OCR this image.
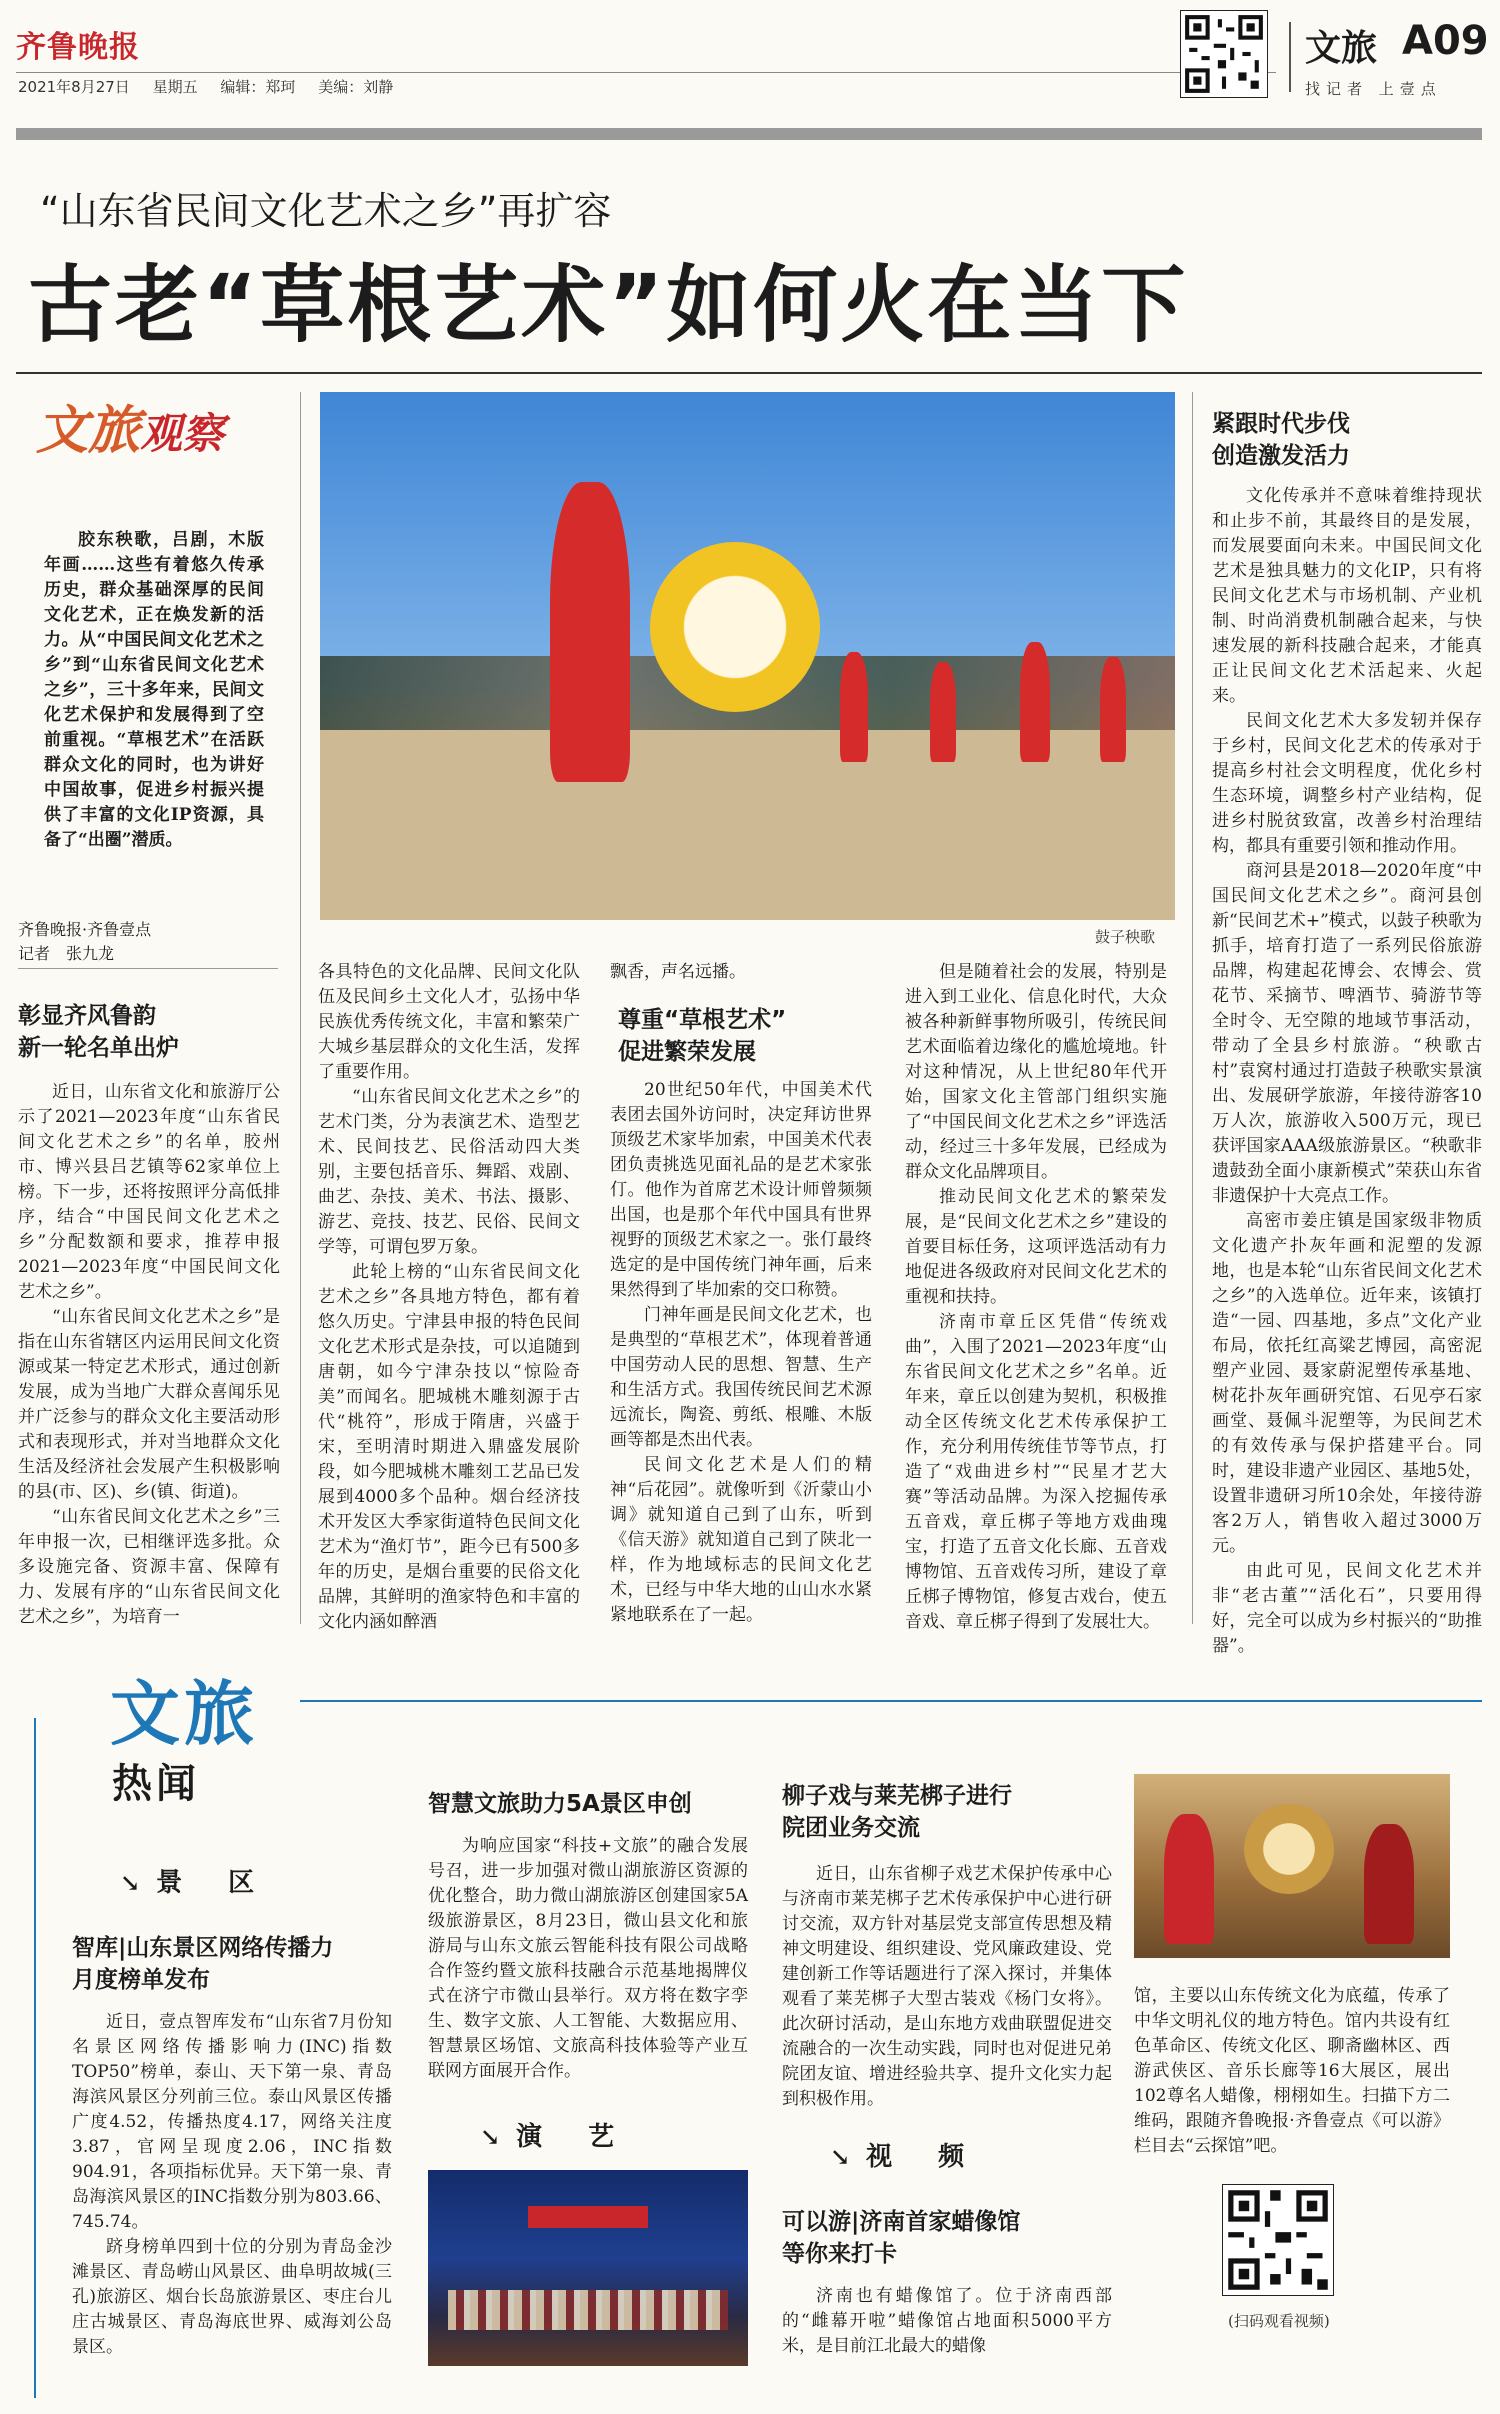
齐鲁晚报
2021年8月27日 星期五 编辑：郑珂 美编：刘静
文旅 A09
找记者 上壹点
“山东省民间文化艺术之乡”再扩容
古老“草根艺术”如何火在当下
文旅观察

胶东秧歌，吕剧，木版年画……这些有着悠久传承历史，群众基础深厚的民间文化艺术，正在焕发新的活力。从“中国民间文化艺术之乡”到“山东省民间文化艺术之乡”，三十多年来，民间文化艺术保护和发展得到了空前重视。“草根艺术”在活跃群众文化的同时，也为讲好中国故事，促进乡村振兴提供了丰富的文化IP资源，具备了“出圈”潜质。

齐鲁晚报·齐鲁壹点
记者　张九龙
鼓子秧歌
彰显齐风鲁韵
新一轮名单出炉

近日，山东省文化和旅游厅公示了2021—2023年度“山东省民间文化艺术之乡”的名单，胶州市、博兴县吕艺镇等62家单位上榜。下一步，还将按照评分高低排序，结合“中国民间文化艺术之乡”分配数额和要求，推荐申报2021—2023年度“中国民间文化艺术之乡”。

“山东省民间文化艺术之乡”是指在山东省辖区内运用民间文化资源或某一特定艺术形式，通过创新发展，成为当地广大群众喜闻乐见并广泛参与的群众文化主要活动形式和表现形式，并对当地群众文化生活及经济社会发展产生积极影响的县(市、区)、乡(镇、街道)。

“山东省民间文化艺术之乡”三年申报一次，已相继评选多批。众多设施完备、资源丰富、保障有力、发展有序的“山东省民间文化艺术之乡”，为培育一

各具特色的文化品牌、民间文化队伍及民间乡土文化人才，弘扬中华民族优秀传统文化，丰富和繁荣广大城乡基层群众的文化生活，发挥了重要作用。

“山东省民间文化艺术之乡”的艺术门类，分为表演艺术、造型艺术、民间技艺、民俗活动四大类别，主要包括音乐、舞蹈、戏剧、曲艺、杂技、美术、书法、摄影、游艺、竞技、技艺、民俗、民间文学等，可谓包罗万象。

此轮上榜的“山东省民间文化艺术之乡”各具地方特色，都有着悠久历史。宁津县申报的特色民间文化艺术形式是杂技，可以追随到唐朝，如今宁津杂技以“惊险奇美”而闻名。肥城桃木雕刻源于古代“桃符”，形成于隋唐，兴盛于宋，至明清时期进入鼎盛发展阶段，如今肥城桃木雕刻工艺品已发展到4000多个品种。烟台经济技术开发区大季家街道特色民间文化艺术为“渔灯节”，距今已有500多年的历史，是烟台重要的民俗文化品牌，其鲜明的渔家特色和丰富的文化内涵如醉酒

飘香，声名远播。

尊重“草根艺术”
促进繁荣发展

20世纪50年代，中国美术代表团去国外访问时，决定拜访世界顶级艺术家毕加索，中国美术代表团负责挑选见面礼品的是艺术家张仃。他作为首席艺术设计师曾频频出国，也是那个年代中国具有世界视野的顶级艺术家之一。张仃最终选定的是中国传统门神年画，后来果然得到了毕加索的交口称赞。

门神年画是民间文化艺术，也是典型的“草根艺术”，体现着普通中国劳动人民的思想、智慧、生产和生活方式。我国传统民间艺术源远流长，陶瓷、剪纸、根雕、木版画等都是杰出代表。

民间文化艺术是人们的精神“后花园”。就像听到《沂蒙山小调》就知道自己到了山东，听到《信天游》就知道自己到了陕北一样，作为地域标志的民间文化艺术，已经与中华大地的山山水水紧紧地联系在了一起。

但是随着社会的发展，特别是进入到工业化、信息化时代，大众被各种新鲜事物所吸引，传统民间艺术面临着边缘化的尴尬境地。针对这种情况，从上世纪80年代开始，国家文化主管部门组织实施了“中国民间文化艺术之乡”评选活动，经过三十多年发展，已经成为群众文化品牌项目。

推动民间文化艺术的繁荣发展，是“民间文化艺术之乡”建设的首要目标任务，这项评选活动有力地促进各级政府对民间文化艺术的重视和扶持。

济南市章丘区凭借“传统戏曲”，入围了2021—2023年度“山东省民间文化艺术之乡”名单。近年来，章丘以创建为契机，积极推动全区传统文化艺术传承保护工作，充分利用传统佳节等节点，打造了“戏曲进乡村”“民星才艺大赛”等活动品牌。为深入挖掘传承五音戏，章丘梆子等地方戏曲瑰宝，打造了五音文化长廊、五音戏博物馆、五音戏传习所，建设了章丘梆子博物馆，修复古戏台，使五音戏、章丘梆子得到了发展壮大。

紧跟时代步伐
创造激发活力

文化传承并不意味着维持现状和止步不前，其最终目的是发展，而发展要面向未来。中国民间文化艺术是独具魅力的文化IP，只有将民间文化艺术与市场机制、产业机制、时尚消费机制融合起来，与快速发展的新科技融合起来，才能真正让民间文化艺术活起来、火起来。

民间文化艺术大多发轫并保存于乡村，民间文化艺术的传承对于提高乡村社会文明程度，优化乡村生态环境，调整乡村产业结构，促进乡村脱贫致富，改善乡村治理结构，都具有重要引领和推动作用。

商河县是2018—2020年度“中国民间文化艺术之乡”。商河县创新“民间艺术+”模式，以鼓子秧歌为抓手，培育打造了一系列民俗旅游品牌，构建起花博会、农博会、赏花节、采摘节、啤酒节、骑游节等全时令、无空隙的地域节事活动，带动了全县乡村旅游。“秧歌古村”袁窝村通过打造鼓子秧歌实景演出、发展研学旅游，年接待游客10万人次，旅游收入500万元，现已获评国家AAA级旅游景区。“秧歌非遗鼓劲全面小康新模式”荣获山东省非遗保护十大亮点工作。

高密市姜庄镇是国家级非物质文化遗产扑灰年画和泥塑的发源地，也是本轮“山东省民间文化艺术之乡”的入选单位。近年来，该镇打造“一园、四基地，多点”文化产业布局，依托红高粱艺博园，高密泥塑产业园、聂家蔚泥塑传承基地、树花扑灰年画研究馆、石见亭石家画堂、聂佩斗泥塑等，为民间艺术的有效传承与保护搭建平台。同时，建设非遗产业园区、基地5处，设置非遗研习所10余处，年接待游客2万人，销售收入超过3000万元。

由此可见，民间文化艺术并非“老古董”“活化石”，只要用得好，完全可以成为乡村振兴的“助推器”。

文旅
热闻
↘ 景　区
智库|山东景区网络传播力
月度榜单发布

近日，壹点智库发布“山东省7月份知名景区网络传播影响力(INC)指数TOP50”榜单，泰山、天下第一泉、青岛海滨风景区分列前三位。泰山风景区传播广度4.52，传播热度4.17，网络关注度3.87，官网呈现度2.06，INC指数904.91，各项指标优异。天下第一泉、青岛海滨风景区的INC指数分别为803.66、745.74。

跻身榜单四到十位的分别为青岛金沙滩景区、青岛崂山风景区、曲阜明故城(三孔)旅游区、烟台长岛旅游景区、枣庄台儿庄古城景区、青岛海底世界、威海刘公岛景区。

智慧文旅助力5A景区申创

为响应国家“科技+文旅”的融合发展号召，进一步加强对微山湖旅游区资源的优化整合，助力微山湖旅游区创建国家5A级旅游景区，8月23日，微山县文化和旅游局与山东文旅云智能科技有限公司战略合作签约暨文旅科技融合示范基地揭牌仪式在济宁市微山县举行。双方将在数字孪生、数字文旅、人工智能、大数据应用、智慧景区场馆、文旅高科技体验等产业互联网方面展开合作。

↘ 演　艺
柳子戏与莱芜梆子进行
院团业务交流

近日，山东省柳子戏艺术保护传承中心与济南市莱芜梆子艺术传承保护中心进行研讨交流，双方针对基层党支部宣传思想及精神文明建设、组织建设、党风廉政建设、党建创新工作等话题进行了深入探讨，并集体观看了莱芜梆子大型古装戏《杨门女将》。此次研讨活动，是山东地方戏曲联盟促进交流融合的一次生动实践，同时也对促进兄弟院团友谊、增进经验共享、提升文化实力起到积极作用。

↘ 视　频
可以游|济南首家蜡像馆
等你来打卡

济南也有蜡像馆了。位于济南西部的“雌幕开啦”蜡像馆占地面积5000平方米，是目前江北最大的蜡像

馆，主要以山东传统文化为底蕴，传承了中华文明礼仪的地方特色。馆内共设有红色革命区、传统文化区、聊斋幽林区、西游武侠区、音乐长廊等16大展区，展出102尊名人蜡像，栩栩如生。扫描下方二维码，跟随齐鲁晚报·齐鲁壹点《可以游》栏目去“云探馆”吧。

(扫码观看视频)
